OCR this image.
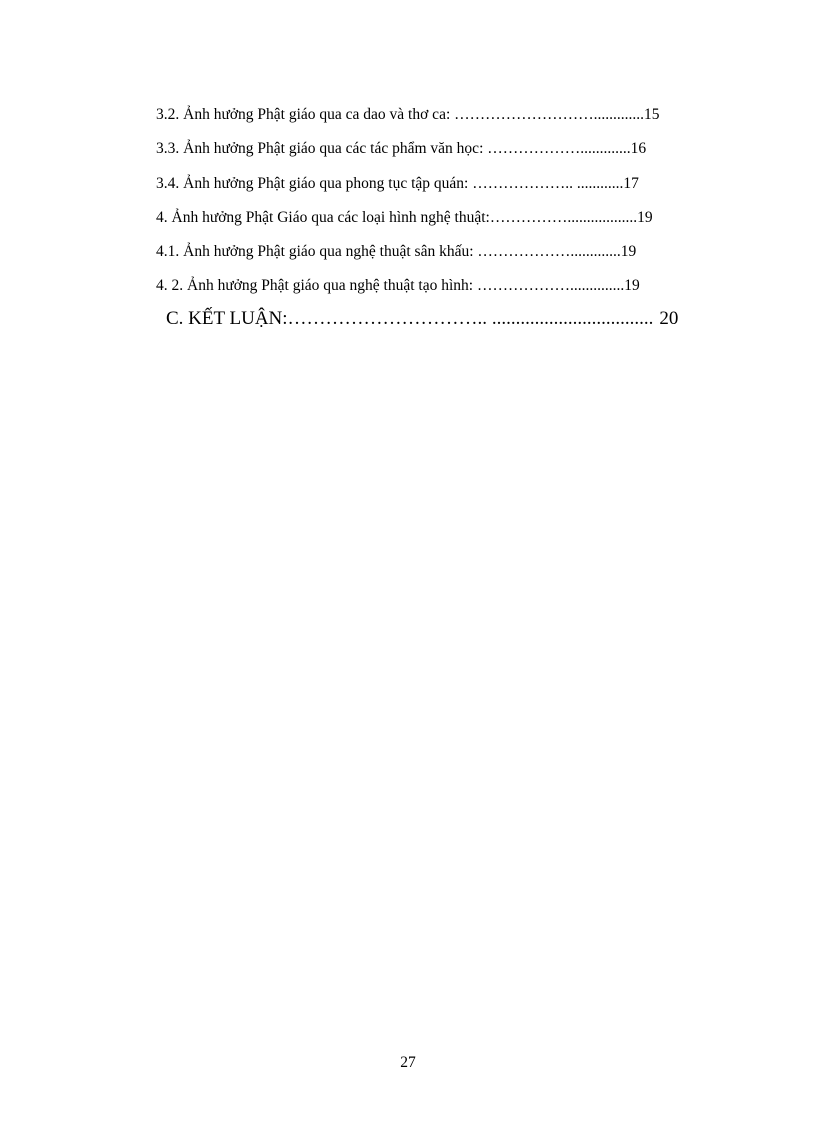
3.2. Ảnh hưởng Phật giáo qua ca dao và thơ ca: ……………………….............15
3.3. Ảnh hưởng Phật giáo qua các tác phẩm văn học: ……………….............16
3.4. Ảnh hưởng Phật giáo qua phong tục tập quán: ……………….. ............17
4. Ảnh hưởng Phật Giáo qua các loại hình nghệ thuật:……………..................19
4.1. Ảnh hưởng Phật giáo qua nghệ thuật sân khấu: ……………….............19
4. 2. Ảnh hưởng Phật giáo qua nghệ thuật tạo hình: ………………..............19
C. KẾT LUẬN:………………………….. .................................. 20
27
